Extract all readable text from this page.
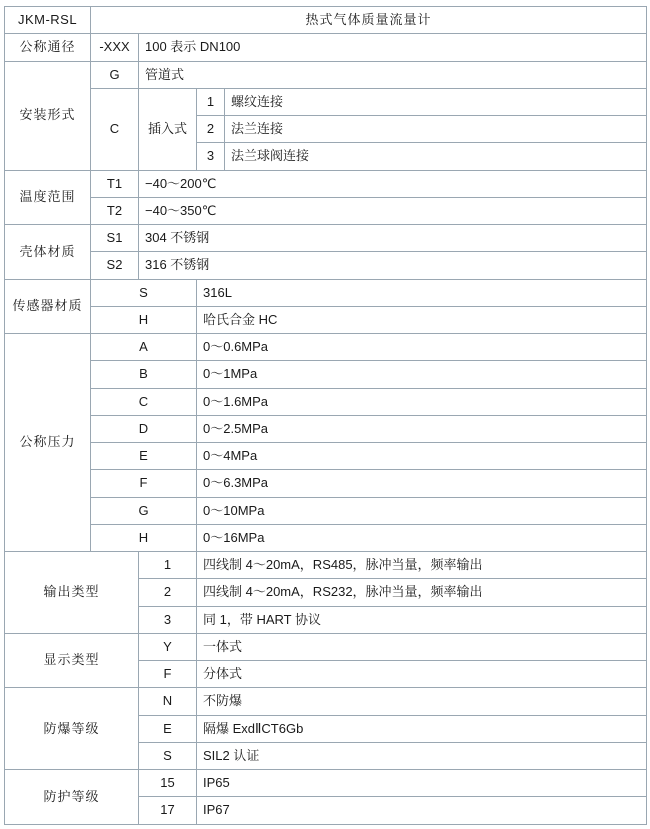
JKM-RSL	热式气体质量流量计			
公称通径	-XXX	100 表示 DN100		
安装形式	G	管道式		
	C	插入式	1	螺纹连接
			2	法兰连接
			3	法兰球阀连接
温度范围	T1	−40～200℃		
	T2	−40～350℃		
壳体材质	S1	304 不锈钢		
	S2	316 不锈钢		
传感器材质	S		316L	
	H		哈氏合金 HC	
公称压力	A		0～0.6MPa	
	B		0～1MPa	
	C		0～1.6MPa	
	D		0～2.5MPa	
	E		0～4MPa	
	F		0～6.3MPa	
	G		0～10MPa	
	H		0～16MPa	
输出类型		1	四线制 4～20mA，RS485，脉冲当量，频率输出	
		2	四线制 4～20mA，RS232，脉冲当量，频率输出	
		3	同 1，带 HART 协议	
显示类型		Y	一体式	
		F	分体式	
防爆等级		N	不防爆	
		E	隔爆 ExdⅡCT6Gb	
		S	SIL2 认证	
防护等级		15	IP65	
		17	IP67	
